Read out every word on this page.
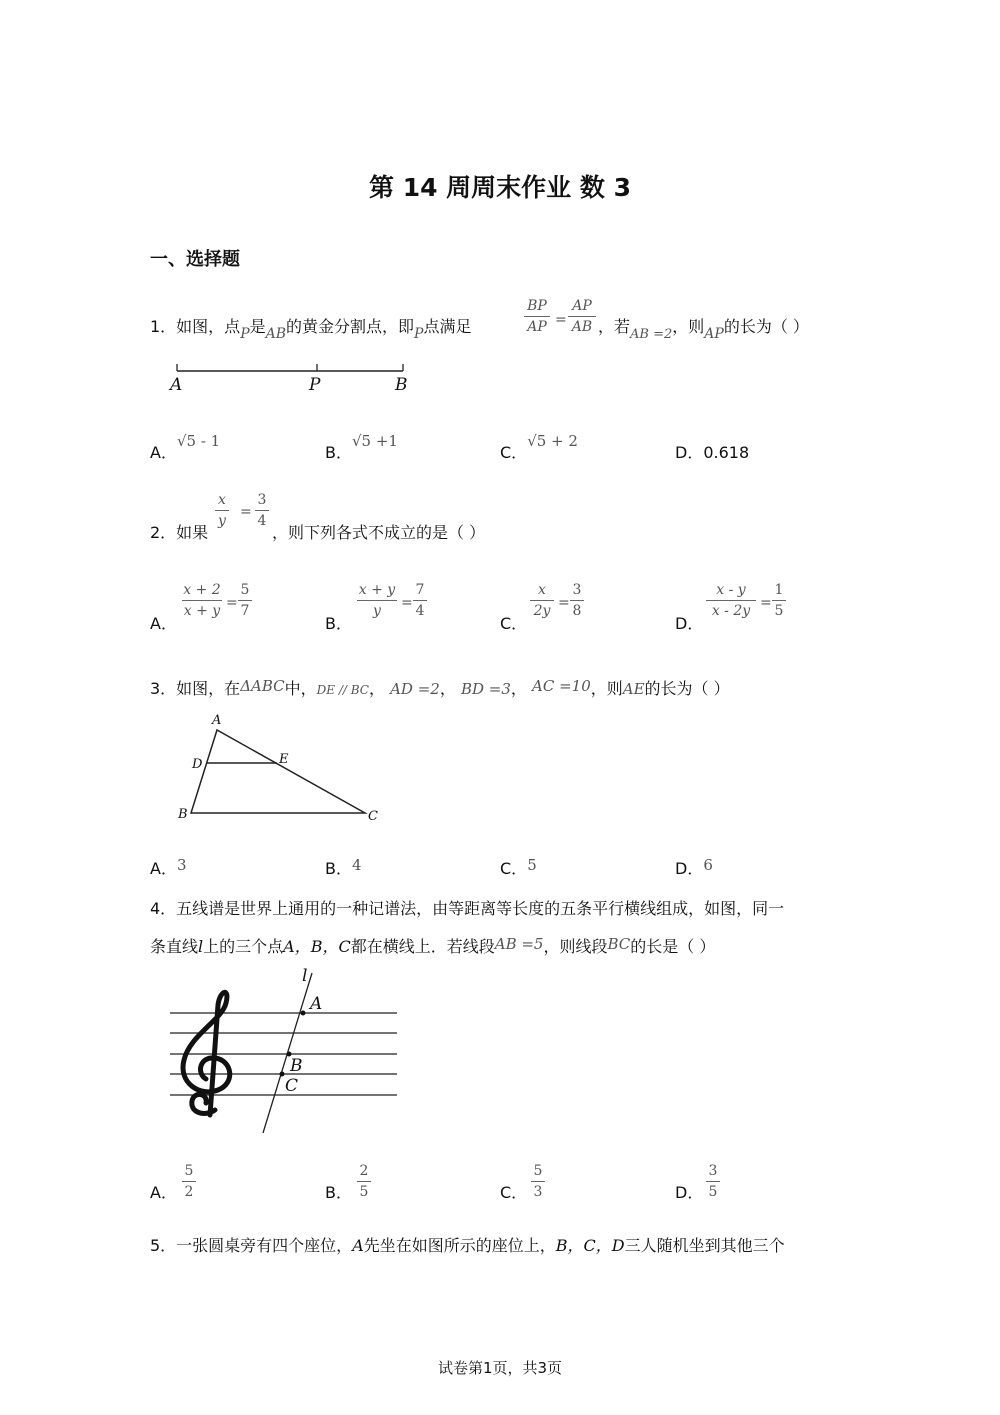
第 14 周周末作业 数 3
一、选择题
1．如图，点P是AB的黄金分割点，即P点满足
BP
AP =
AP
AB ，若$_{AB =2}$，则AP的长为（ ）
A	P	B
A．√5 - 1
B．√5 +1
C．√5 + 2
D．0.618
2．如果
x
y
=
3
4
，则下列各式不成立的是（ ）
A．
x + 2
x + y =
5
7
B．
x + y
y	=
7
4
C．
x
2y =
3
8
D．
x - y
x - 2y =
1
5
3．如图，在ΔABC中，DE // BC， AD =2， BD =3， AC =10，则AE的长为（ ）
A
D	E
B	C
A．3	B．4	C．5	D．6
4．五线谱是世界上通用的一种记谱法，由等距离等长度的五条平行横线组成，如图，同一
条直线l上的三个点A，B，C都在横线上．若线段AB =5，则线段BC的长是（ ）
l
A
B
C
A．
5
2	B．
2
5	C．
5
3	D．
3
5
5．一张圆桌旁有四个座位，A先坐在如图所示的座位上，B，C，D三人随机坐到其他三个
试卷第1页，共3页
